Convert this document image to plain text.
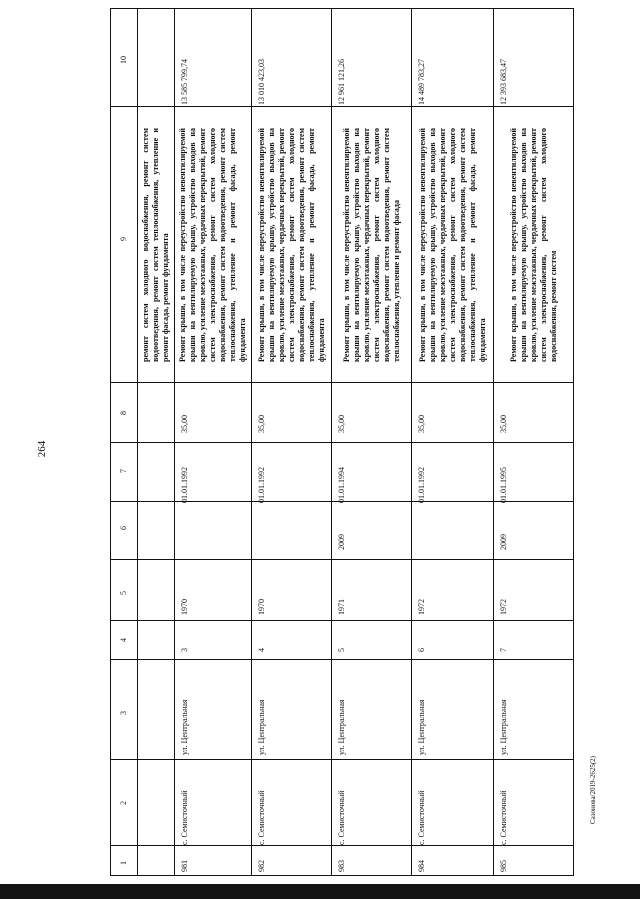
264
Сазонова/2019-2625(2)
1
2
3
4
5
6
7
8
9
10
ремонт систем холодного водоснабжения, ремонт систем водоотведения, ремонт систем теплоснабжения, утепление и ремонт фасада, ремонт фундамента
981
с. Семисточный
ул. Центральная
3
1970
01.01.1992
35,00
Ремонт крыши, в том числе переустройство невентилируемой крыши на вентилируемую крышу, устройство выходов на кровлю, усиление межэтажных, чердачных перекрытий, ремонт систем электроснабжения, ремонт систем холодного водоснабжения, ремонт систем водоотведения, ремонт систем теплоснабжения, утепление и ремонт фасада, ремонт фундамента
13 585 799,74
982
с. Семисточный
ул. Центральная
4
1970
01.01.1992
35,00
Ремонт крыши, в том числе переустройство невентилируемой крыши на вентилируемую крышу, устройство выходов на кровлю, усиление межэтажных, чердачных перекрытий, ремонт систем электроснабжения, ремонт систем холодного водоснабжения, ремонт систем водоотведения, ремонт систем теплоснабжения, утепление и ремонт фасада, ремонт фундамента
13 010 423,03
983
с. Семисточный
ул. Центральная
5
1971
2009
01.01.1994
35,00
Ремонт крыши, в том числе переустройство невентилируемой крыши на вентилируемую крышу, устройство выходов на кровлю, усиление межэтажных, чердачных перекрытий, ремонт систем электроснабжения, ремонт систем холодного водоснабжения, ремонт систем водоотведения, ремонт систем теплоснабжения, утепление и ремонт фасада
12 961 121,26
984
с. Семисточный
ул. Центральная
6
1972
01.01.1992
35,00
Ремонт крыши, в том числе переустройство невентилируемой крыши на вентилируемую крышу, устройство выходов на кровлю, усиление межэтажных, чердачных перекрытий, ремонт систем электроснабжения, ремонт систем холодного водоснабжения, ремонт систем водоотведения, ремонт систем теплоснабжения, утепление и ремонт фасада, ремонт фундамента
14 489 783,27
985
с. Семисточный
ул. Центральная
7
1972
2009
01.01.1995
35,00
Ремонт крыши, в том числе переустройство невентилируемой крыши на вентилируемую крышу, устройство выходов на кровлю, усиление межэтажных, чердачных перекрытий, ремонт систем электроснабжения, ремонт систем холодного водоснабжения, ремонт систем
12 393 683,47
